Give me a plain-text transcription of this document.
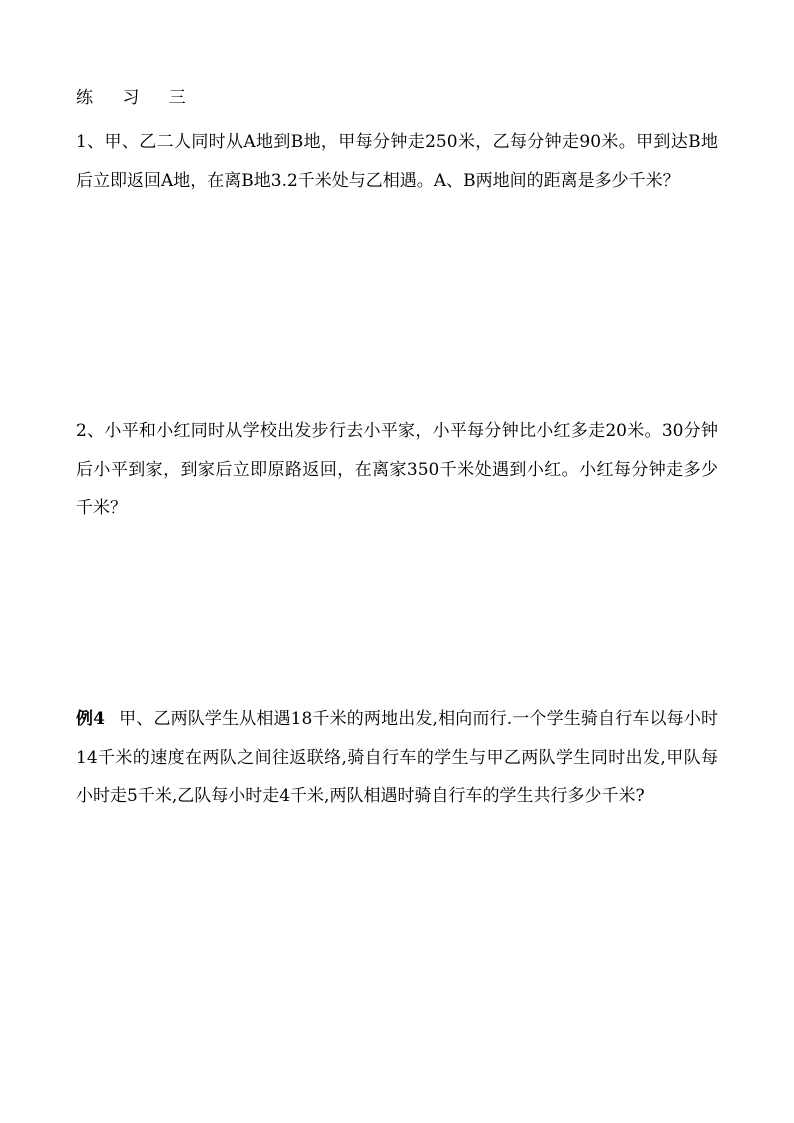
练 习 三
1、甲、乙二人同时从A地到B地，甲每分钟走250米，乙每分钟走90米。甲到达B地后立即返回A地，在离B地3.2千米处与乙相遇。A、B两地间的距离是多少千米？
2、小平和小红同时从学校出发步行去小平家，小平每分钟比小红多走20米。30分钟后小平到家，到家后立即原路返回，在离家350千米处遇到小红。小红每分钟走多少千米？
例4 甲、乙两队学生从相遇18千米的两地出发,相向而行.一个学生骑自行车以每小时14千米的速度在两队之间往返联络,骑自行车的学生与甲乙两队学生同时出发,甲队每小时走5千米,乙队每小时走4千米,两队相遇时骑自行车的学生共行多少千米?
